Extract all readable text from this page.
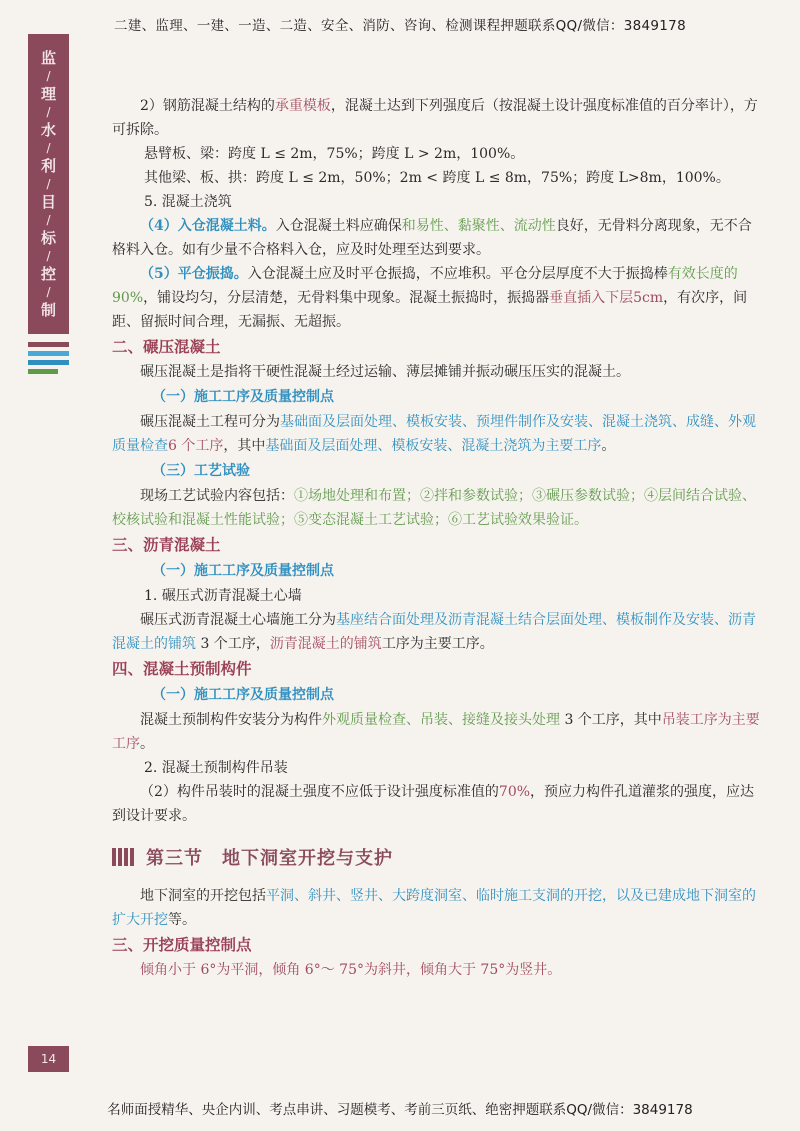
二建、监理、一建、一造、二造、安全、消防、咨询、检测课程押题联系QQ/微信：3849178
监
/
理
/
水
/
利
/
目
/
标
/
控
/
制
14
2）钢筋混凝土结构的承重模板，混凝土达到下列强度后（按混凝土设计强度标准值的百分率计），方可拆除。
悬臂板、梁：跨度 L ≤ 2m，75%；跨度 L > 2m，100%。
其他梁、板、拱：跨度 L ≤ 2m，50%；2m < 跨度 L ≤ 8m，75%；跨度 L>8m，100%。
5. 混凝土浇筑
（4）入仓混凝土料。入仓混凝土料应确保和易性、黏聚性、流动性良好，无骨料分离现象，无不合格料入仓。如有少量不合格料入仓，应及时处理至达到要求。
（5）平仓振捣。入仓混凝土应及时平仓振捣，不应堆积。平仓分层厚度不大于振捣棒有效长度的90%，铺设均匀，分层清楚，无骨料集中现象。混凝土振捣时，振捣器垂直插入下层5cm，有次序，间距、留振时间合理，无漏振、无超振。
二、碾压混凝土
碾压混凝土是指将干硬性混凝土经过运输、薄层摊铺并振动碾压压实的混凝土。
（一）施工工序及质量控制点
碾压混凝土工程可分为基础面及层面处理、模板安装、预埋件制作及安装、混凝土浇筑、成缝、外观质量检查6 个工序，其中基础面及层面处理、模板安装、混凝土浇筑为主要工序。
（三）工艺试验
现场工艺试验内容包括：①场地处理和布置；②拌和参数试验；③碾压参数试验；④层间结合试验、校核试验和混凝土性能试验；⑤变态混凝土工艺试验；⑥工艺试验效果验证。
三、沥青混凝土
（一）施工工序及质量控制点
1. 碾压式沥青混凝土心墙
碾压式沥青混凝土心墙施工分为基座结合面处理及沥青混凝土结合层面处理、模板制作及安装、沥青混凝土的铺筑 3 个工序，沥青混凝土的铺筑工序为主要工序。
四、混凝土预制构件
（一）施工工序及质量控制点
混凝土预制构件安装分为构件外观质量检查、吊装、接缝及接头处理 3 个工序，其中吊装工序为主要工序。
2. 混凝土预制构件吊装
（2）构件吊装时的混凝土强度不应低于设计强度标准值的70%，预应力构件孔道灌浆的强度，应达到设计要求。
第三节　地下洞室开挖与支护
地下洞室的开挖包括平洞、斜井、竖井、大跨度洞室、临时施工支洞的开挖，以及已建成地下洞室的扩大开挖等。
三、开挖质量控制点
倾角小于 6°为平洞，倾角 6°～ 75°为斜井，倾角大于 75°为竖井。
名师面授精华、央企内训、考点串讲、习题模考、考前三页纸、绝密押题联系QQ/微信：3849178
